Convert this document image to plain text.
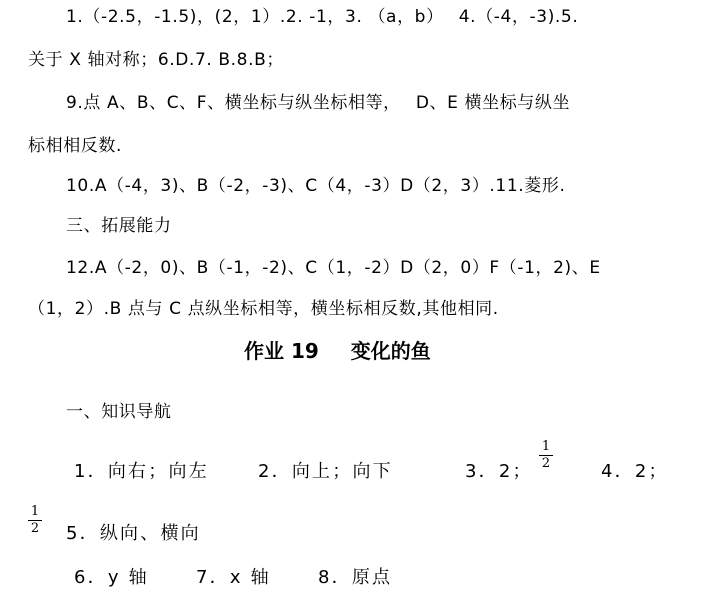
1.（-2.5，-1.5)，(2，1）.2. -1，3. （a，b）　 4.（-4，-3).5.
关于 X 轴对称；6.D.7. B.8.B；
9.点 A、B、C、F、横坐标与纵坐标相等，　 D、E 横坐标与纵坐
标相相反数.
10.A（-4，3)、B（-2，-3)、C（4，-3）D（2，3）.11.菱形.
三、拓展能力
12.A（-2，0)、B（-1，-2)、C（1，-2）D（2，0）F（-1，2)、E
（1，2）.B 点与 C 点纵坐标相等，横坐标相反数,其他相同.
作业 19 变化的鱼
一、知识导航
1．向右；向左	2．向上；向下	3．2；
$\frac{1}{2}$
4．2；
$\frac{1}{2} 5$．纵向、横向
6．y 轴	7．x 轴	8．原点
